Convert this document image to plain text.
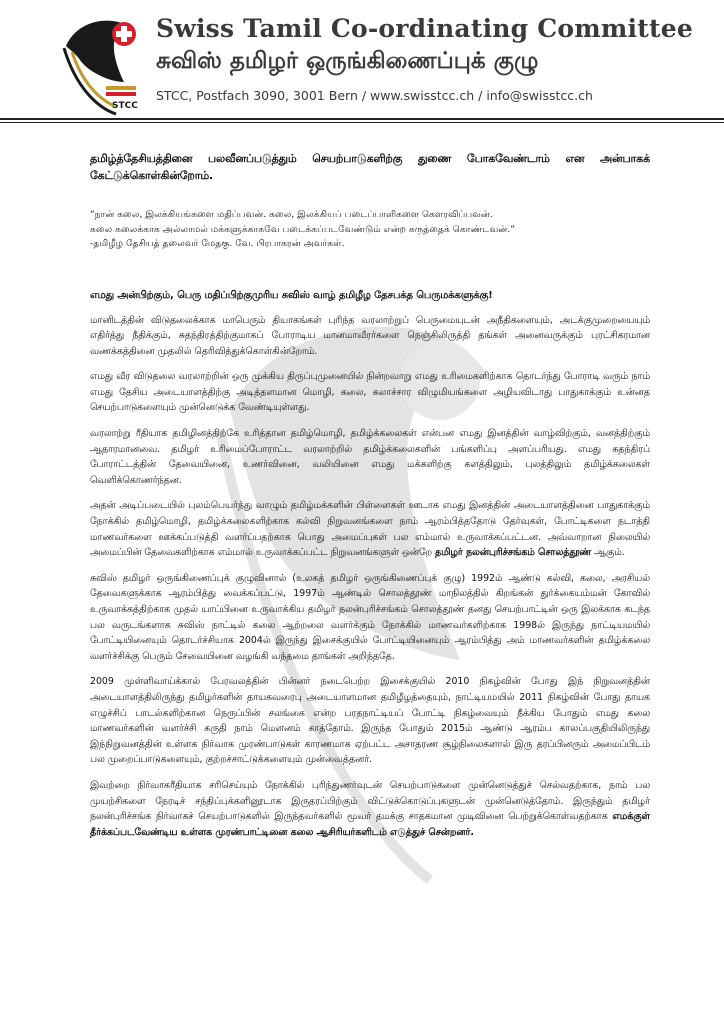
STCC
Swiss Tamil Co-ordinating Committee
சுவிஸ் தமிழர் ஒருங்கிணைப்புக் குழு
STCC, Postfach 3090, 3001 Bern / www.swisstcc.ch / info@swisstcc.ch
தமிழ்த்தேசியத்தினை பலவீனப்படுத்தும் செயற்பாடுகளிற்கு துணை போகவேண்டாம் என அன்பாகக் கேட்டுக்கொள்கின்றோம்.

“நான் கலை, இலக்கியங்களை மதிப்பவன். கலை, இலக்கியப் படைப்பாளிகளை கௌரவிப்பவன்.

கலை கலைக்காக அல்லாமல் மக்களுக்காகவே படைக்கப்படவேண்டும் என்ற கருத்தைக் கொண்டவன்.”

-தமிழீழ தேசியத் தலைவர் மேதகு. வே. பிரபாகரன் அவர்கள்.

எமது அன்பிற்கும், பெரு மதிப்பிற்குமுரிய சுவிஸ் வாழ் தமிழீழ தேசபக்த பெருமக்களுக்கு!

மானிடத்தின் விடுதலைக்காக மாபெரும் தியாகங்கள் புரிந்த வரலாற்றுப் பெருமையுடன் அநீதிகளையும், அடக்குமுறையையும் எதிர்த்து நீதிக்கும், சுதந்திரத்திற்குமாகப் போராடிய மானமாவீரர்களை நெஞ்சிலிருத்தி தங்கள் அனைவருக்கும் புரட்சிகரமான வணக்கத்தினை முதலில் தெரிவித்துக்கொள்கின்றோம்.

எமது வீர விடுதலை வரலாற்றின் ஒரு முக்கிய திருப்புமுனையில் நின்றவாறு எமது உரிமைகளிற்காக தொடர்ந்து போராடி வரும் நாம் எமது தேசிய அடையாளத்திற்கு அடித்தளமான மொழி, கலை, கலாச்சார விழுமியங்களை அழியவிடாது பாதுகாக்கும் உன்னத செயற்பாடுகளையும் முன்னெடுக்க வேண்டியுள்ளது.

வரலாற்று ரீதியாக தமிழினத்திற்கே உரித்தான தமிழ்மொழி, தமிழ்க்கலைகள் என்பன எமது இனத்தின் வாழ்விற்கும், வனத்திற்கும் ஆதாரமானவை. தமிழர் உரிமைப்போராட்ட வரலாற்றில் தமிழ்க்கலைகளின் பங்களிப்பு அளப்பரியது. எமது சுதந்திரப் போராட்டத்தின் தேவையினை, உணர்வினை, வலியினை எமது மக்களிற்கு களத்திலும், புலத்திலும் தமிழ்க்கலைகள் வெளிக்கொணர்ந்தன.

அதன் அடிப்படையில் புலம்பெயர்ந்து வாழும் தமிழ்மக்களின் பிள்ளைகள் ஊடாக எமது இனத்தின் அடையாளத்தினை பாதுகாக்கும் நோக்கில் தமிழ்மொழி, தமிழ்க்கலைகளிற்காக கல்வி நிறுவனங்களை நாம் ஆரம்பித்ததோடு தேர்வுகள், போட்டிகளை நடாத்தி மாணவர்களை ஊக்கப்படுத்தி வளர்ப்பதற்காக பொது அமைப்புகள் பல எம்மால் உருவாக்கப்பட்டன. அவ்வாறான நிலையில் அமைப்பின் தேவைகளிற்காக எம்மால் உருவாக்கப்பட்ட நிறுவனங்களுள் ஒன்றே தமிழர் நலன்புரிச்சங்கம் சொலத்தூண் ஆகும்.

சுவிஸ் தமிழர் ஒருங்கிணைப்புக் குழுவினால் (உலகத் தமிழர் ஒருங்கிணைப்புக் குழு) 1992ம் ஆண்டு கல்வி, கலை, அரசியல் தேவைகளுக்காக ஆரம்பித்து வைக்கப்பட்டு, 1997ம் ஆண்டில் சொலத்தூண் மாநிலத்தில் கிறங்கன் துர்க்கையம்மன் கோவில் உருவாக்கத்திற்காக முதல் யாப்பினை உருவாக்கிய தமிழர் நலன்புரிச்சங்கம் சொலத்தூண் தனது செயற்பாட்டின் ஒரு இலக்காக கடந்த பல வருடங்களாக சுவிஸ் நாட்டில் கலை ஆற்றலை வளர்க்கும் நோக்கில் மாணவர்களிற்காக 1998ல் இருந்து நாட்டியமயில் போட்டியினையும் தொடர்ச்சியாக 2004ல் இருந்து இசைக்குயில் போட்டியினையும் ஆரம்பித்து அம் மாணவர்களின் தமிழ்க்கலை வளர்ச்சிக்கு பெரும் சேவையினை வழங்கி வந்தமை தாங்கள் அறிந்ததே.

2009 முள்ளிவாய்க்கால் பேரவலத்தின் பின்னர் நடைபெற்ற இசைக்குயில் 2010 நிகழ்வின் போது இந் நிறுவனத்தின் அடையாளத்திலிருந்து தமிழர்களின் தாயகவரைபு அடையாளமான தமிழீழத்தையும், நாட்டியமயில் 2011 நிகழ்வின் போது தாயக எழுச்சிப் பாடல்களிற்கான நெருப்பின் சலங்கை என்ற பரதநாட்டியப் போட்டி நிகழ்வையும் நீக்கிய போதும் எமது கலை மாணவர்களின் வளர்ச்சி கருதி நாம் மௌனம் காத்தோம். இருந்த போதும் 2015ம் ஆண்டு ஆரம்ப காலப்பகுதியிலிருந்து இந்நிறுவனத்தின் உள்ளக நிர்வாக முரண்பாடுகள் காரணமாக ஏற்பட்ட அசாதரண சூழ்நிலைகளால் இரு தரப்பினரும் அமைப்பிடம் பல முறைப்பாடுகளையும், குற்றச்சாட்டுக்களையும் முன்வைத்தனர்.

இவற்றை நிர்வாகரீதியாக சரிசெய்யும் நோக்கில் புரிந்துணர்வுடன் செயற்பாடுகளை முன்னெடுத்துச் செல்வதற்காக, நாம் பல முயற்சிகளை நேரடிச் சந்திப்புக்களினூடாக இருதரப்பிற்கும் விட்டுக்கொடுப்புகளுடன் முன்னெடுத்தோம். இருந்தும் தமிழர் நலன்புரிச்சங்க நிர்வாகச் செயற்பாடுகளில் இருந்தவர்களில் மூவர் தமக்கு சாதகமான முடிவினை பெற்றுக்கொள்வதற்காக எமக்குள் தீர்க்கப்படவேண்டிய உள்ளக முரண்பாட்டினை கலை ஆசிரியர்களிடம் எடுத்துச் சென்றனர்.
